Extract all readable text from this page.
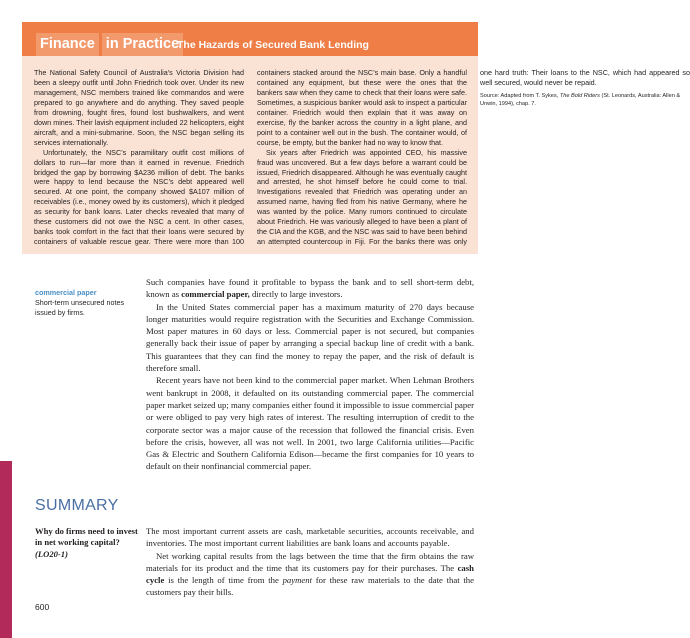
Finance in Practice
The Hazards of Secured Bank Lending

The National Safety Council of Australia’s Victoria Division had been a sleepy outfit until John Friedrich took over. Under its new management, NSC members trained like commandos and were prepared to go anywhere and do anything. They saved people from drowning, fought fires, found lost bushwalkers, and went down mines. Their lavish equipment included 22 helicopters, eight aircraft, and a mini-submarine. Soon, the NSC began selling its services internationally.

Unfortunately, the NSC’s paramilitary outfit cost millions of dollars to run—far more than it earned in revenue. Friedrich bridged the gap by borrowing $A236 million of debt. The banks were happy to lend because the NSC’s debt appeared well secured. At one point, the company showed $A107 million of receivables (i.e., money owed by its customers), which it pledged as security for bank loans. Later checks revealed that many of these customers did not owe the NSC a cent. In other cases, banks took comfort in the fact that their loans were secured by containers of valuable rescue gear. There were more than 100 containers stacked around the NSC’s main base. Only a handful contained any equipment, but these were the ones that the bankers saw when they came to check that their loans were safe. Sometimes, a suspicious banker would ask to inspect a particular container. Friedrich would then explain that it was away on exercise, fly the banker across the country in a light plane, and point to a container well out in the bush. The container would, of course, be empty, but the banker had no way to know that.

Six years after Friedrich was appointed CEO, his massive fraud was uncovered. But a few days before a warrant could be issued, Friedrich disappeared. Although he was eventually caught and arrested, he shot himself before he could come to trial. Investigations revealed that Friedrich was operating under an assumed name, having fled from his native Germany, where he was wanted by the police. Many rumors continued to circulate about Friedrich. He was variously alleged to have been a plant of the CIA and the KGB, and the NSC was said to have been behind an attempted countercoup in Fiji. For the banks there was only one hard truth: Their loans to the NSC, which had appeared so well secured, would never be repaid.

Source: Adapted from T. Sykes, The Bold Riders (St. Leonards, Australia: Allen & Unwin, 1994), chap. 7.

commercial paper
Short-term unsecured notes issued by firms.

Such companies have found it profitable to bypass the bank and to sell short-term debt, known as commercial paper, directly to large investors.

In the United States commercial paper has a maximum maturity of 270 days because longer maturities would require registration with the Securities and Exchange Commission. Most paper matures in 60 days or less. Commercial paper is not secured, but companies generally back their issue of paper by arranging a special backup line of credit with a bank. This guarantees that they can find the money to repay the paper, and the risk of default is therefore small.

Recent years have not been kind to the commercial paper market. When Lehman Brothers went bankrupt in 2008, it defaulted on its outstanding commercial paper. The commercial paper market seized up; many companies either found it impossible to issue commercial paper or were obliged to pay very high rates of interest. The resulting interruption of credit to the corporate sector was a major cause of the recession that followed the financial crisis. Even before the crisis, however, all was not well. In 2001, two large California utilities—Pacific Gas & Electric and Southern California Edison—became the first companies for 10 years to default on their nonfinancial commercial paper.

SUMMARY
Why do firms need to invest in net working capital?
(LO20-1)

The most important current assets are cash, marketable securities, accounts receivable, and inventories. The most important current liabilities are bank loans and accounts payable.

Net working capital results from the lags between the time that the firm obtains the raw materials for its product and the time that its customers pay for their purchases. The cash cycle is the length of time from the payment for these raw materials to the date that the customers pay their bills.

600
